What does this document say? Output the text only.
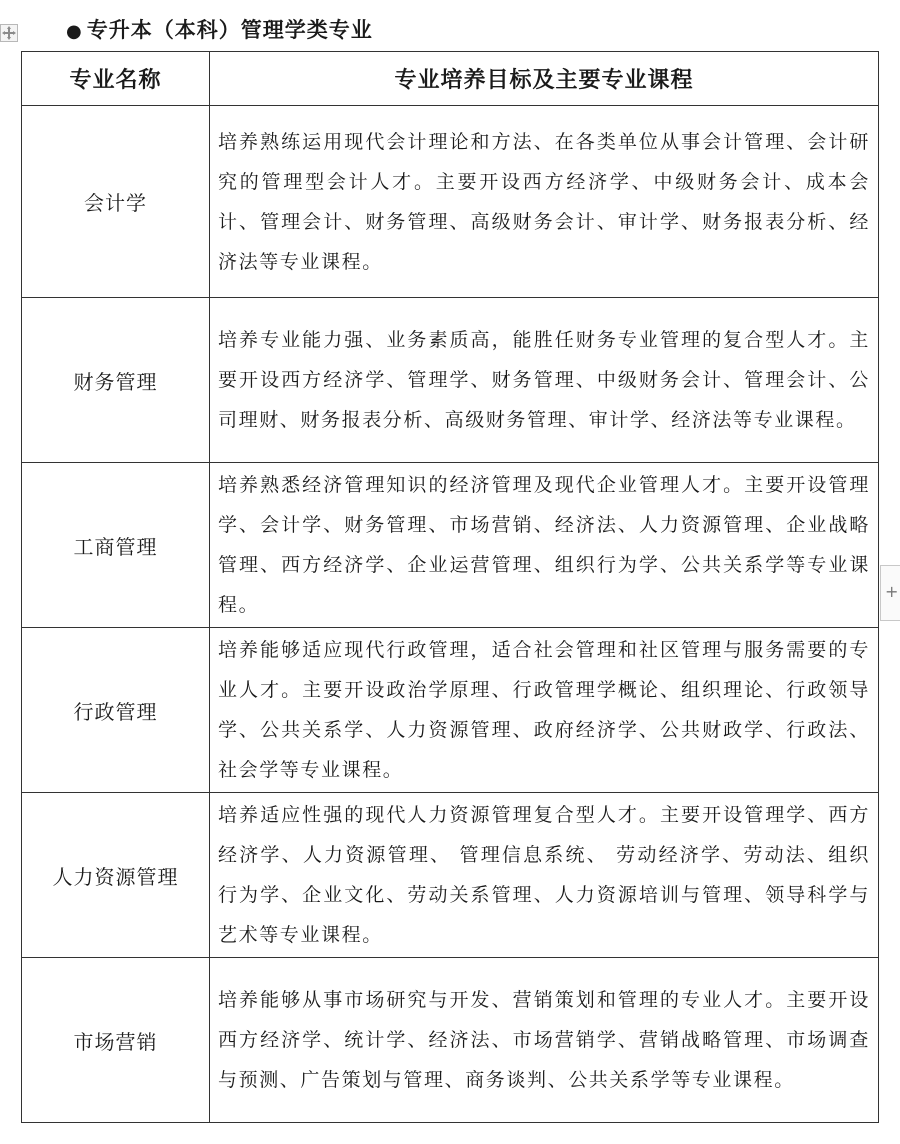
● 专升本（本科）管理学类专业
专业名称	专业培养目标及主要专业课程
会计学	培养熟练运用现代会计理论和方法、在各类单位从事会计管理、会计研究的管理型会计人才。主要开设西方经济学、中级财务会计、成本会计、管理会计、财务管理、高级财务会计、审计学、财务报表分析、经济法等专业课程。
财务管理	培养专业能力强、业务素质高，能胜任财务专业管理的复合型人才。主要开设西方经济学、管理学、财务管理、中级财务会计、管理会计、公司理财、财务报表分析、高级财务管理、审计学、经济法等专业课程。
工商管理	培养熟悉经济管理知识的经济管理及现代企业管理人才。主要开设管理学、会计学、财务管理、市场营销、经济法、人力资源管理、企业战略管理、西方经济学、企业运营管理、组织行为学、公共关系学等专业课程。
行政管理	培养能够适应现代行政管理，适合社会管理和社区管理与服务需要的专业人才。主要开设政治学原理、行政管理学概论、组织理论、行政领导学、公共关系学、人力资源管理、政府经济学、公共财政学、行政法、社会学等专业课程。
人力资源管理	培养适应性强的现代人力资源管理复合型人才。主要开设管理学、西方经济学、人力资源管理、 管理信息系统、 劳动经济学、劳动法、组织行为学、企业文化、劳动关系管理、人力资源培训与管理、领导科学与艺术等专业课程。
市场营销	培养能够从事市场研究与开发、营销策划和管理的专业人才。主要开设西方经济学、统计学、经济法、市场营销学、营销战略管理、市场调查与预测、广告策划与管理、商务谈判、公共关系学等专业课程。
+
